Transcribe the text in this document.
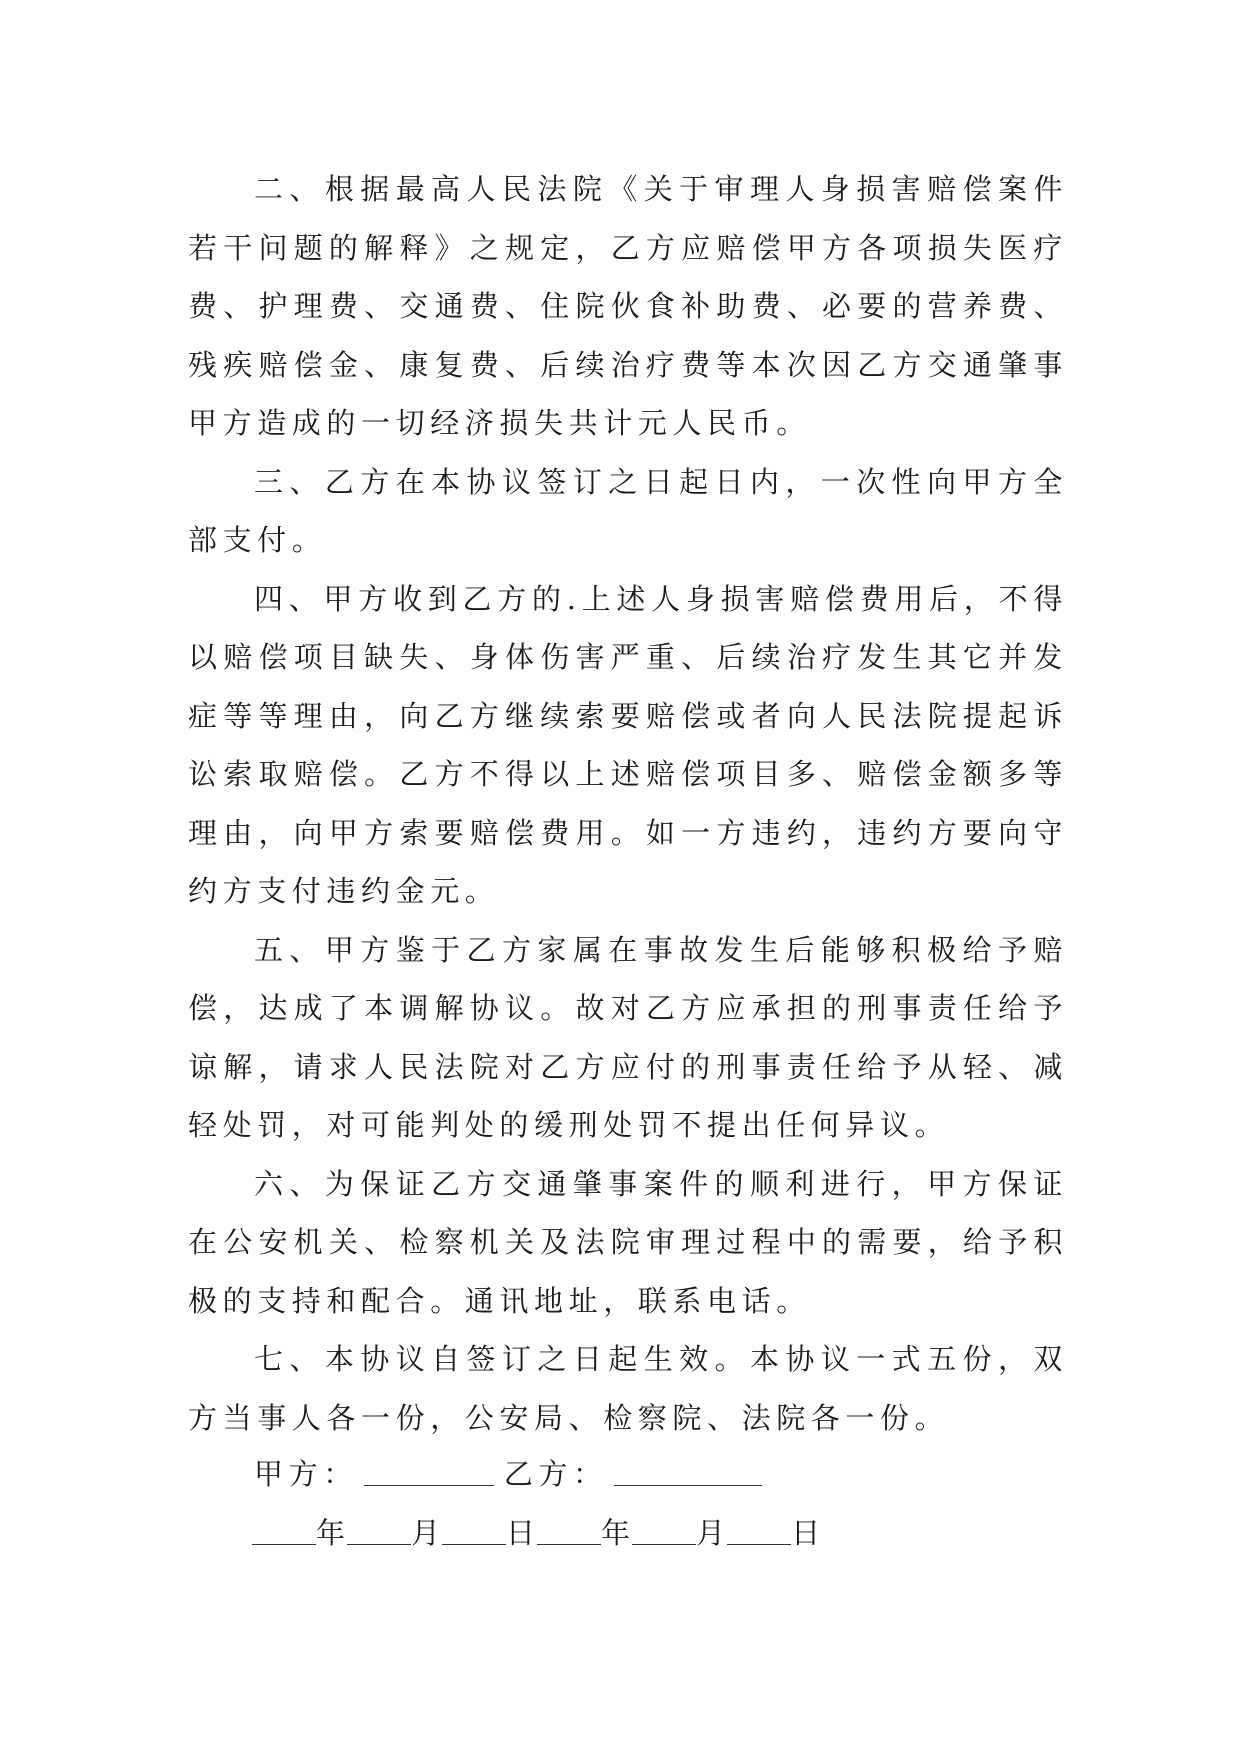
二、根据最高人民法院《关于审理人身损害赔偿案件若干问题的解释》之规定，乙方应赔偿甲方各项损失医疗费、护理费、交通费、住院伙食补助费、必要的营养费、残疾赔偿金、康复费、后续治疗费等本次因乙方交通肇事甲方造成的一切经济损失共计元人民币。

三、乙方在本协议签订之日起日内，一次性向甲方全部支付。

四、甲方收到乙方的.上述人身损害赔偿费用后，不得以赔偿项目缺失、身体伤害严重、后续治疗发生其它并发症等等理由，向乙方继续索要赔偿或者向人民法院提起诉讼索取赔偿。乙方不得以上述赔偿项目多、赔偿金额多等理由，向甲方索要赔偿费用。如一方违约，违约方要向守约方支付违约金元。

五、甲方鉴于乙方家属在事故发生后能够积极给予赔偿，达成了本调解协议。故对乙方应承担的刑事责任给予谅解，请求人民法院对乙方应付的刑事责任给予从轻、减轻处罚，对可能判处的缓刑处罚不提出任何异议。

六、为保证乙方交通肇事案件的顺利进行，甲方保证在公安机关、检察机关及法院审理过程中的需要，给予积极的支持和配合。通讯地址，联系电话。

七、本协议自签订之日起生效。本协议一式五份，双方当事人各一份，公安局、检察院、法院各一份。

甲方：	乙方：
年 月 日 年 月 日
